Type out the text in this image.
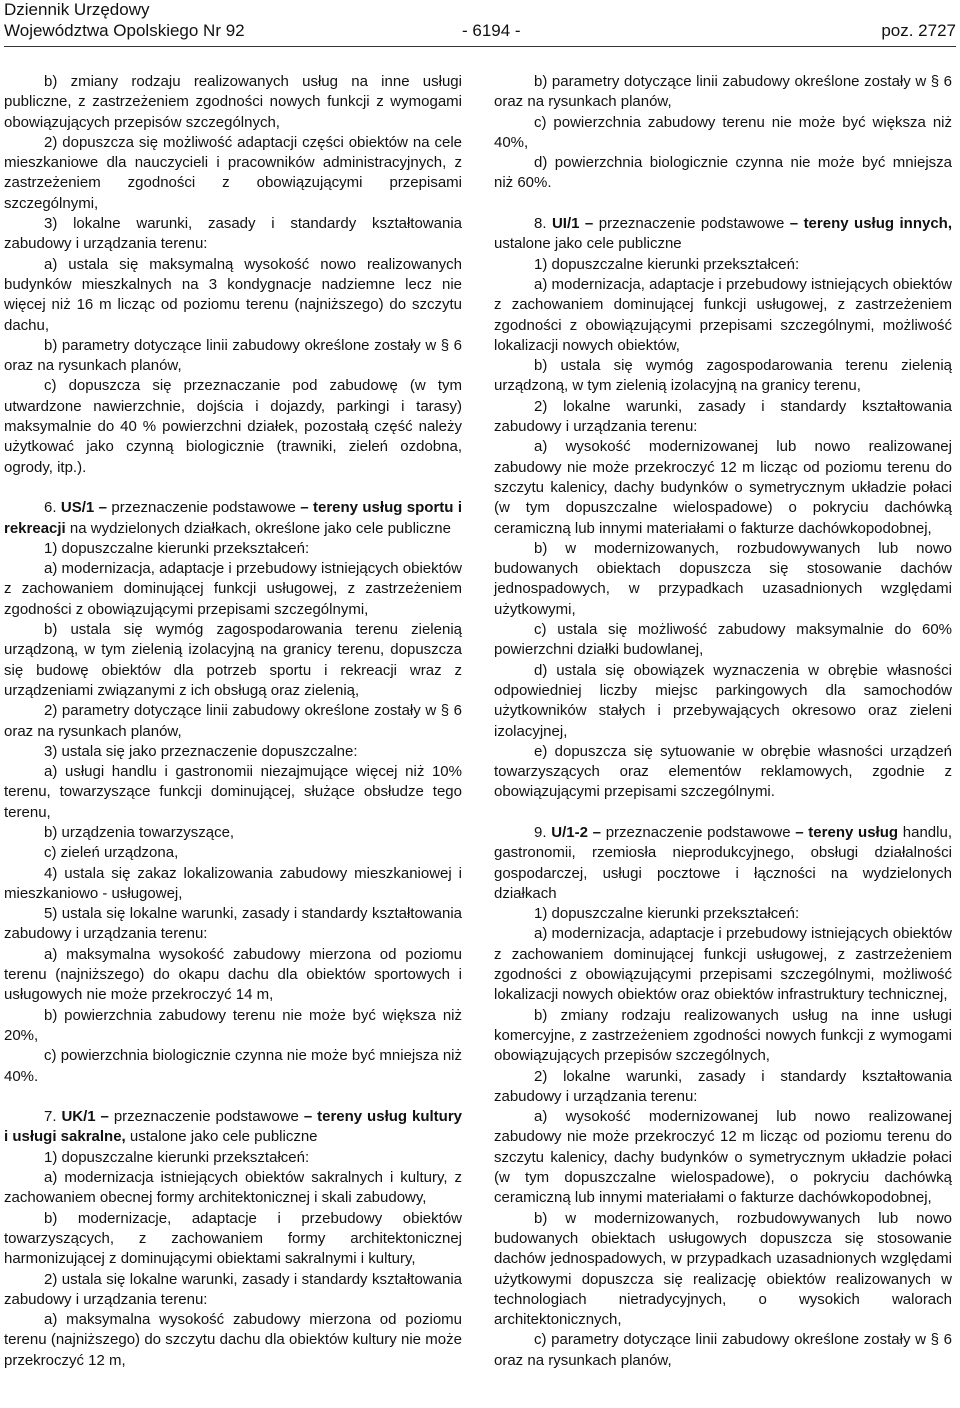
Dziennik Urzędowy
Województwa Opolskiego Nr 92	- 6194 -	poz. 2727

b) zmiany rodzaju realizowanych usług na inne usługi publiczne, z zastrzeżeniem zgodności nowych funkcji z wymogami obowiązujących przepisów szczególnych,

2) dopuszcza się możliwość adaptacji części obiektów na cele mieszkaniowe dla nauczycieli i pracowników administracyjnych, z zastrzeżeniem zgodności z obowiązującymi przepisami szczególnymi,

3) lokalne warunki, zasady i standardy kształtowania zabudowy i urządzania terenu:

a) ustala się maksymalną wysokość nowo realizowanych budynków mieszkalnych na 3 kondygnacje nadziemne lecz nie więcej niż 16 m licząc od poziomu terenu (najniższego) do szczytu dachu,

b) parametry dotyczące linii zabudowy określone zostały w § 6 oraz na rysunkach planów,

c) dopuszcza się przeznaczanie pod zabudowę (w tym utwardzone nawierzchnie, dojścia i dojazdy, parkingi i tarasy) maksymalnie do 40 % powierzchni działek, pozostałą część należy użytkować jako czynną biologicznie (trawniki, zieleń ozdobna, ogrody, itp.).

6. US/1 – przeznaczenie podstawowe – tereny usług sportu i rekreacji na wydzielonych działkach, określone jako cele publiczne

1) dopuszczalne kierunki przekształceń:

a) modernizacja, adaptacje i przebudowy istniejących obiektów z zachowaniem dominującej funkcji usługowej, z zastrzeżeniem zgodności z obowiązującymi przepisami szczególnymi,

b) ustala się wymóg zagospodarowania terenu zielenią urządzoną, w tym zielenią izolacyjną na granicy terenu, dopuszcza się budowę obiektów dla potrzeb sportu i rekreacji wraz z urządzeniami związanymi z ich obsługą oraz zielenią,

2) parametry dotyczące linii zabudowy określone zostały w § 6 oraz na rysunkach planów,

3) ustala się jako przeznaczenie dopuszczalne:

a) usługi handlu i gastronomii niezajmujące więcej niż 10% terenu, towarzyszące funkcji dominującej, służące obsłudze tego terenu,

b) urządzenia towarzyszące,

c) zieleń urządzona,

4) ustala się zakaz lokalizowania zabudowy mieszkaniowej i mieszkaniowo - usługowej,

5) ustala się lokalne warunki, zasady i standardy kształtowania zabudowy i urządzania terenu:

a) maksymalna wysokość zabudowy mierzona od poziomu terenu (najniższego) do okapu dachu dla obiektów sportowych i usługowych nie może przekroczyć 14 m,

b) powierzchnia zabudowy terenu nie może być większa niż 20%,

c) powierzchnia biologicznie czynna nie może być mniejsza niż 40%.

7. UK/1 – przeznaczenie podstawowe – tereny usług kultury i usługi sakralne, ustalone jako cele publiczne

1) dopuszczalne kierunki przekształceń:

a) modernizacja istniejących obiektów sakralnych i kultury, z zachowaniem obecnej formy architektonicznej i skali zabudowy,

b) modernizacje, adaptacje i przebudowy obiektów towarzyszących, z zachowaniem formy architektonicznej harmonizującej z dominującymi obiektami sakralnymi i kultury,

2) ustala się lokalne warunki, zasady i standardy kształtowania zabudowy i urządzania terenu:

a) maksymalna wysokość zabudowy mierzona od poziomu terenu (najniższego) do szczytu dachu dla obiektów kultury nie może przekroczyć 12 m,

b) parametry dotyczące linii zabudowy określone zostały w § 6 oraz na rysunkach planów,

c) powierzchnia zabudowy terenu nie może być większa niż 40%,

d) powierzchnia biologicznie czynna nie może być mniejsza niż 60%.

8. UI/1 – przeznaczenie podstawowe – tereny usług innych, ustalone jako cele publiczne

1) dopuszczalne kierunki przekształceń:

a) modernizacja, adaptacje i przebudowy istniejących obiektów z zachowaniem dominującej funkcji usługowej, z zastrzeżeniem zgodności z obowiązującymi przepisami szczególnymi, możliwość lokalizacji nowych obiektów,

b) ustala się wymóg zagospodarowania terenu zielenią urządzoną, w tym zielenią izolacyjną na granicy terenu,

2) lokalne warunki, zasady i standardy kształtowania zabudowy i urządzania terenu:

a) wysokość modernizowanej lub nowo realizowanej zabudowy nie może przekroczyć 12 m licząc od poziomu terenu do szczytu kalenicy, dachy budynków o symetrycznym układzie połaci (w tym dopuszczalne wielospadowe) o pokryciu dachówką ceramiczną lub innymi materiałami o fakturze dachówkopodobnej,

b) w modernizowanych, rozbudowywanych lub nowo budowanych obiektach dopuszcza się stosowanie dachów jednospadowych, w przypadkach uzasadnionych względami użytkowymi,

c) ustala się możliwość zabudowy maksymalnie do 60% powierzchni działki budowlanej,

d) ustala się obowiązek wyznaczenia w obrębie własności odpowiedniej liczby miejsc parkingowych dla samochodów użytkowników stałych i przebywających okresowo oraz zieleni izolacyjnej,

e) dopuszcza się sytuowanie w obrębie własności urządzeń towarzyszących oraz elementów reklamowych, zgodnie z obowiązującymi przepisami szczególnymi.

9. U/1-2 – przeznaczenie podstawowe – tereny usług handlu, gastronomii, rzemiosła nieprodukcyjnego, obsługi działalności gospodarczej, usługi pocztowe i łączności na wydzielonych działkach

1) dopuszczalne kierunki przekształceń:

a) modernizacja, adaptacje i przebudowy istniejących obiektów z zachowaniem dominującej funkcji usługowej, z zastrzeżeniem zgodności z obowiązującymi przepisami szczególnymi, możliwość lokalizacji nowych obiektów oraz obiektów infrastruktury technicznej,

b) zmiany rodzaju realizowanych usług na inne usługi komercyjne, z zastrzeżeniem zgodności nowych funkcji z wymogami obowiązujących przepisów szczególnych,

2) lokalne warunki, zasady i standardy kształtowania zabudowy i urządzania terenu:

a) wysokość modernizowanej lub nowo realizowanej zabudowy nie może przekroczyć 12 m licząc od poziomu terenu do szczytu kalenicy, dachy budynków o symetrycznym układzie połaci (w tym dopuszczalne wielospadowe), o pokryciu dachówką ceramiczną lub innymi materiałami o fakturze dachówkopodobnej,

b) w modernizowanych, rozbudowywanych lub nowo budowanych obiektach usługowych dopuszcza się stosowanie dachów jednospadowych, w przypadkach uzasadnionych względami użytkowymi dopuszcza się realizację obiektów realizowanych w technologiach nietradycyjnych, o wysokich walorach architektonicznych,

c) parametry dotyczące linii zabudowy określone zostały w § 6 oraz na rysunkach planów,
